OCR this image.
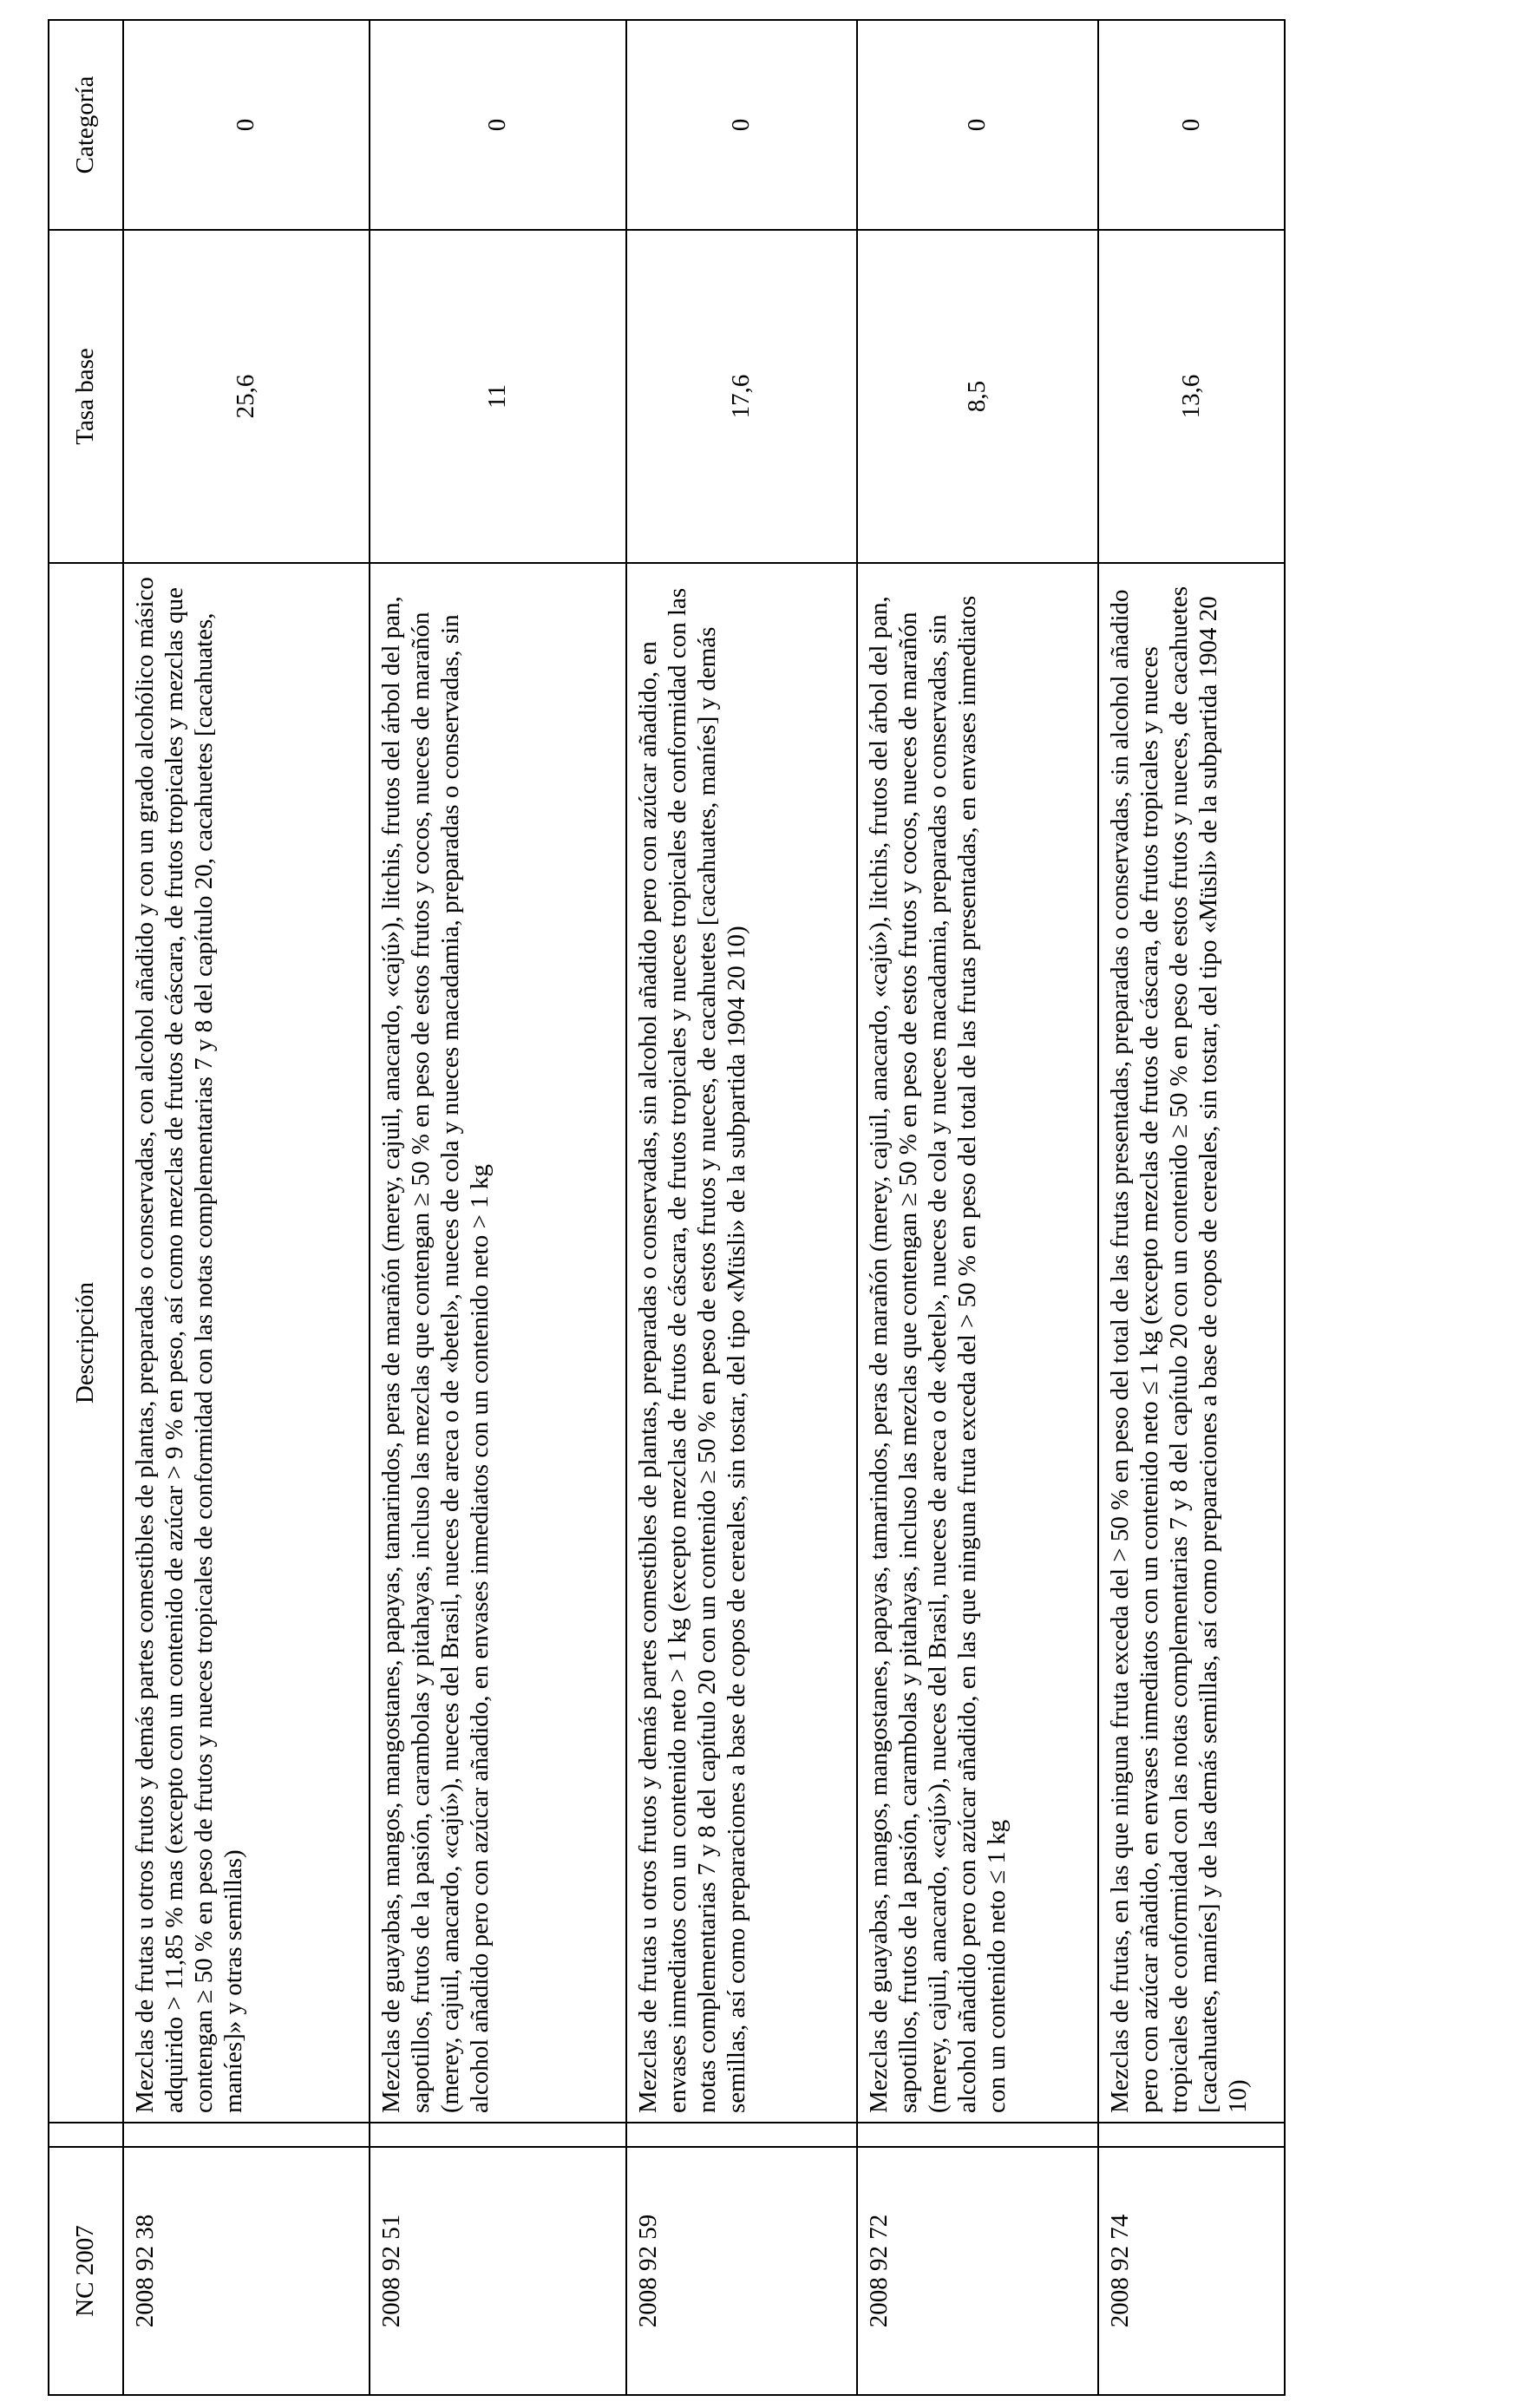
NC 2007		Descripción	Tasa base	Categoría
2008 92 38		Mezclas de frutas u otros frutos y demás partes comestibles de plantas, preparadas o conservadas, con alcohol añadido y con un grado alcohólico másico adquirido > 11,85 % mas (excepto con un contenido de azúcar > 9 % en peso, así como mezclas de frutos de cáscara, de frutos tropicales y mezclas que contengan ≥ 50 % en peso de frutos y nueces tropicales de conformidad con las notas complementarias 7 y 8 del capítulo 20, cacahuetes [cacahuates, maníes]» y otras semillas)	25,6	0
2008 92 51		Mezclas de guayabas, mangos, mangostanes, papayas, tamarindos, peras de marañón (merey, cajuil, anacardo, «cajú»), litchis, frutos del árbol del pan, sapotillos, frutos de la pasión, carambolas y pitahayas, incluso las mezclas que contengan ≥ 50 % en peso de estos frutos y cocos, nueces de marañón (merey, cajuil, anacardo, «cajú»), nueces del Brasil, nueces de areca o de «betel», nueces de cola y nueces macadamia, preparadas o conservadas, sin alcohol añadido pero con azúcar añadido, en envases inmediatos con un contenido neto > 1 kg	11	0
2008 92 59		Mezclas de frutas u otros frutos y demás partes comestibles de plantas, preparadas o conservadas, sin alcohol añadido pero con azúcar añadido, en envases inmediatos con un contenido neto > 1 kg (excepto mezclas de frutos de cáscara, de frutos tropicales y nueces tropicales de conformidad con las notas complementarias 7 y 8 del capítulo 20 con un contenido ≥ 50 % en peso de estos frutos y nueces, de cacahuetes [cacahuates, maníes] y demás semillas, así como preparaciones a base de copos de cereales, sin tostar, del tipo «Müsli» de la subpartida 1904 20 10)	17,6	0
2008 92 72		Mezclas de guayabas, mangos, mangostanes, papayas, tamarindos, peras de marañón (merey, cajuil, anacardo, «cajú»), litchis, frutos del árbol del pan, sapotillos, frutos de la pasión, carambolas y pitahayas, incluso las mezclas que contengan ≥ 50 % en peso de estos frutos y cocos, nueces de marañón (merey, cajuil, anacardo, «cajú»), nueces del Brasil, nueces de areca o de «betel», nueces de cola y nueces macadamia, preparadas o conservadas, sin alcohol añadido pero con azúcar añadido, en las que ninguna fruta exceda del > 50 % en peso del total de las frutas presentadas, en envases inmediatos con un contenido neto ≤ 1 kg	8,5	0
2008 92 74		Mezclas de frutas, en las que ninguna fruta exceda del > 50 % en peso del total de las frutas presentadas, preparadas o conservadas, sin alcohol añadido pero con azúcar añadido, en envases inmediatos con un contenido neto ≤ 1 kg (excepto mezclas de frutos de cáscara, de frutos tropicales y nueces tropicales de conformidad con las notas complementarias 7 y 8 del capítulo 20 con un contenido ≥ 50 % en peso de estos frutos y nueces, de cacahuetes [cacahuates, maníes] y de las demás semillas, así como preparaciones a base de copos de cereales, sin tostar, del tipo «Müsli» de la subpartida 1904 20 10)	13,6	0
